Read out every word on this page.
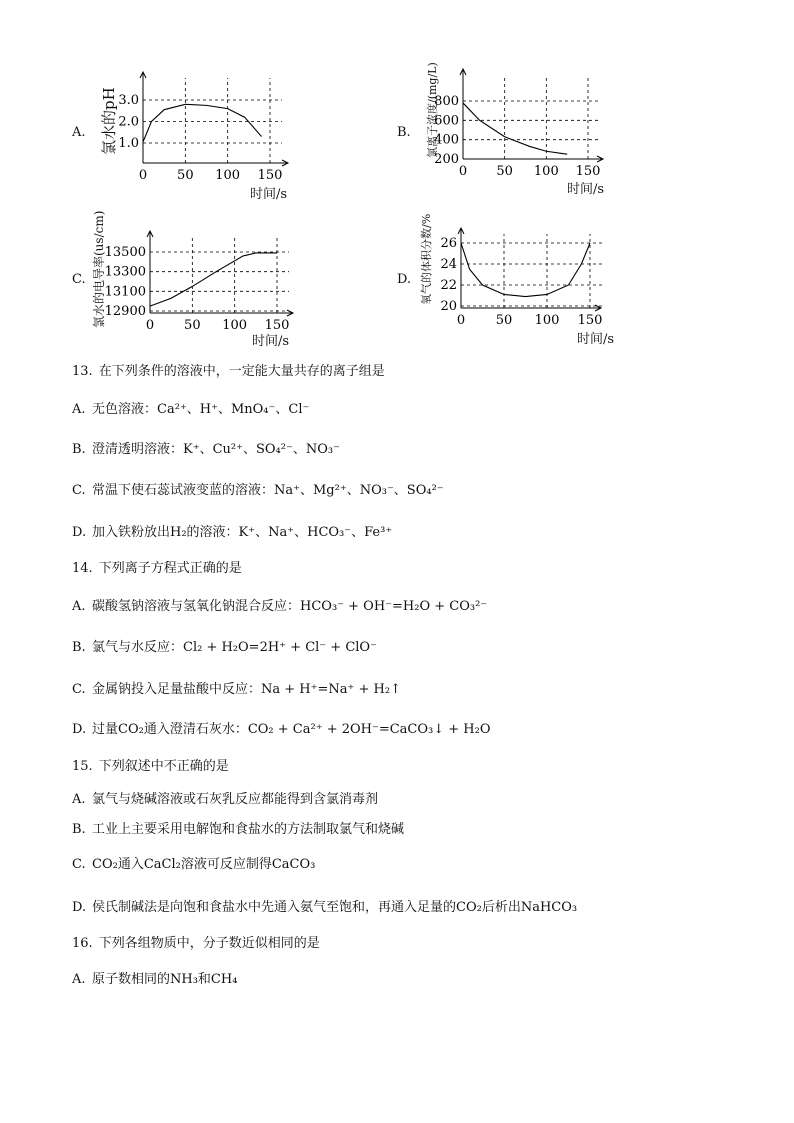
A.	B.
C.	D.
氯水的pH	氯离子浓度/(mg/L)
氯水的电导率(us/cm)	氧气的体积分数/%
时间/s	时间/s
时间/s	时间/s
0 50 100 150
1.0
2.0
3.0
0 50 100 150
200
400
600
800
0 50 100 150
12900
13100
13300
13500
0 50 100 150
20
22
24
26
13. 在下列条件的溶液中，一定能大量共存的离子组是
A. 无色溶液：Ca²⁺、H⁺、MnO₄⁻、Cl⁻
B. 澄清透明溶液：K⁺、Cu²⁺、SO₄²⁻、NO₃⁻
C. 常温下使石蕊试液变蓝的溶液：Na⁺、Mg²⁺、NO₃⁻、SO₄²⁻
D. 加入铁粉放出H₂的溶液：K⁺、Na⁺、HCO₃⁻、Fe³⁺
14. 下列离子方程式正确的是
A. 碳酸氢钠溶液与氢氧化钠混合反应：HCO₃⁻ + OH⁻=H₂O + CO₃²⁻
B. 氯气与水反应：Cl₂ + H₂O=2H⁺ + Cl⁻ + ClO⁻
C. 金属钠投入足量盐酸中反应：Na + H⁺=Na⁺ + H₂↑
D. 过量CO₂通入澄清石灰水：CO₂ + Ca²⁺ + 2OH⁻=CaCO₃↓ + H₂O
15. 下列叙述中不正确的是
A. 氯气与烧碱溶液或石灰乳反应都能得到含氯消毒剂
B. 工业上主要采用电解饱和食盐水的方法制取氯气和烧碱
C. CO₂通入CaCl₂溶液可反应制得CaCO₃
D. 侯氏制碱法是向饱和食盐水中先通入氨气至饱和，再通入足量的CO₂后析出NaHCO₃
16. 下列各组物质中，分子数近似相同的是
A. 原子数相同的NH₃和CH₄
